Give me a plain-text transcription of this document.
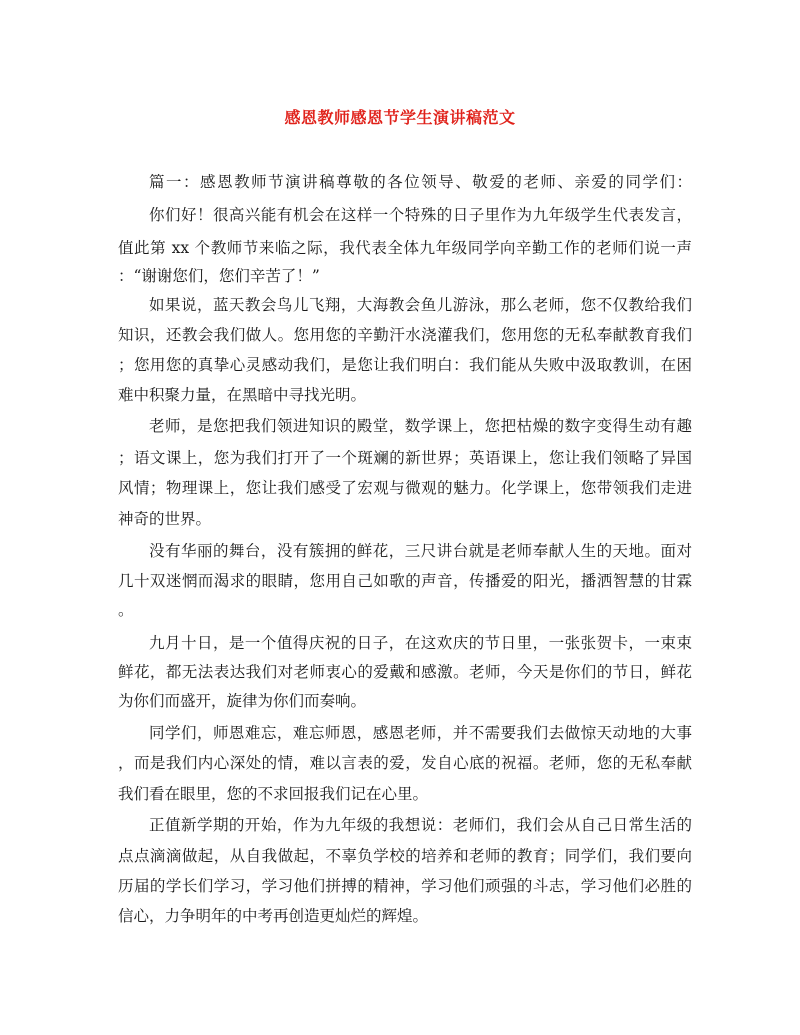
感恩教师感恩节学生演讲稿范文
篇一：感恩教师节演讲稿尊敬的各位领导、敬爱的老师、亲爱的同学们：
你们好！很高兴能有机会在这样一个特殊的日子里作为九年级学生代表发言，
值此第 xx 个教师节来临之际，我代表全体九年级同学向辛勤工作的老师们说一声
：“谢谢您们，您们辛苦了！”
如果说，蓝天教会鸟儿飞翔，大海教会鱼儿游泳，那么老师，您不仅教给我们
知识，还教会我们做人。您用您的辛勤汗水浇灌我们，您用您的无私奉献教育我们
；您用您的真挚心灵感动我们，是您让我们明白：我们能从失败中汲取教训，在困
难中积聚力量，在黑暗中寻找光明。
老师，是您把我们领进知识的殿堂，数学课上，您把枯燥的数字变得生动有趣
；语文课上，您为我们打开了一个斑斓的新世界；英语课上，您让我们领略了异国
风情；物理课上，您让我们感受了宏观与微观的魅力。化学课上，您带领我们走进
神奇的世界。
没有华丽的舞台，没有簇拥的鲜花，三尺讲台就是老师奉献人生的天地。面对
几十双迷惘而渴求的眼睛，您用自己如歌的声音，传播爱的阳光，播洒智慧的甘霖
。
九月十日，是一个值得庆祝的日子，在这欢庆的节日里，一张张贺卡，一束束
鲜花，都无法表达我们对老师衷心的爱戴和感激。老师，今天是你们的节日，鲜花
为你们而盛开，旋律为你们而奏响。
同学们，师恩难忘，难忘师恩，感恩老师，并不需要我们去做惊天动地的大事
，而是我们内心深处的情，难以言表的爱，发自心底的祝福。老师，您的无私奉献
我们看在眼里，您的不求回报我们记在心里。
正值新学期的开始，作为九年级的我想说：老师们，我们会从自己日常生活的
点点滴滴做起，从自我做起，不辜负学校的培养和老师的教育；同学们，我们要向
历届的学长们学习，学习他们拼搏的精神，学习他们顽强的斗志，学习他们必胜的
信心，力争明年的中考再创造更灿烂的辉煌。
